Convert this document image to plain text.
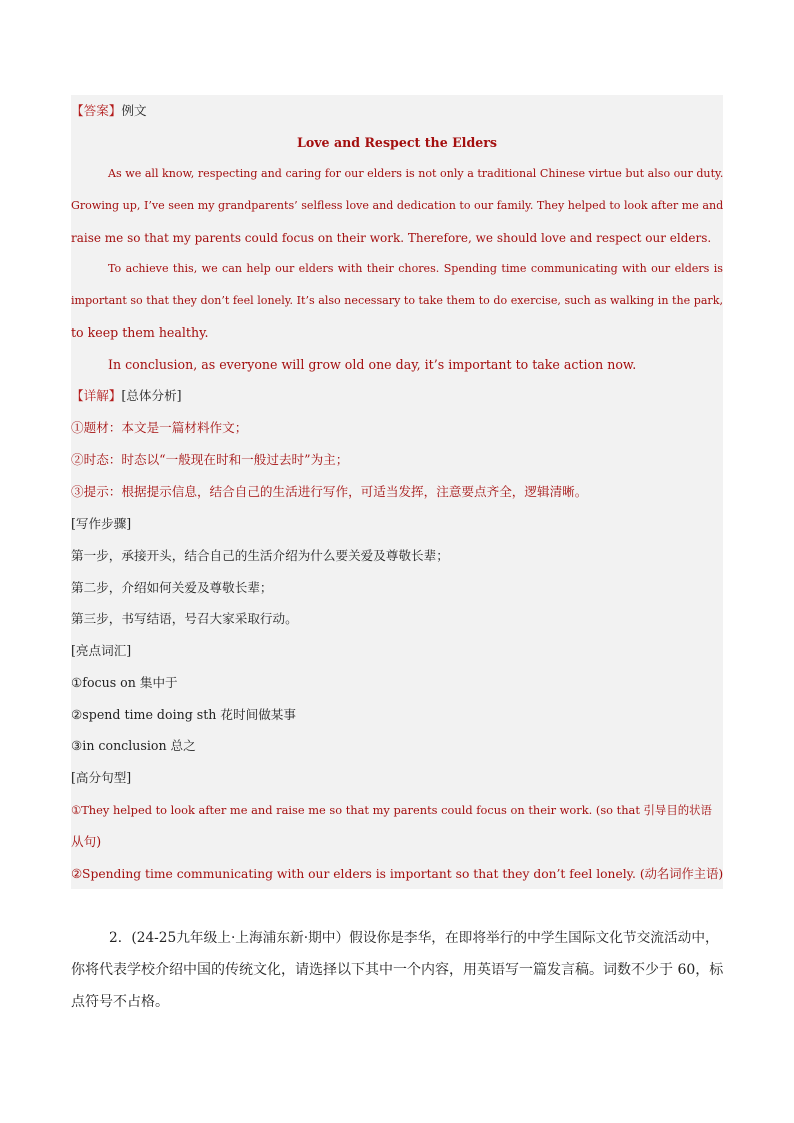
【答案】例文
Love and Respect the Elders
As we all know, respecting and caring for our elders is not only a traditional Chinese virtue but also our duty.
Growing up, I’ve seen my grandparents’ selfless love and dedication to our family. They helped to look after me and
raise me so that my parents could focus on their work. Therefore, we should love and respect our elders.
To achieve this, we can help our elders with their chores. Spending time communicating with our elders is
important so that they don’t feel lonely. It’s also necessary to take them to do exercise, such as walking in the park,
to keep them healthy.
In conclusion, as everyone will grow old one day, it’s important to take action now.
【详解】[总体分析]
①题材：本文是一篇材料作文；
②时态：时态以“一般现在时和一般过去时”为主；
③提示：根据提示信息，结合自己的生活进行写作，可适当发挥，注意要点齐全，逻辑清晰。
[写作步骤]
第一步，承接开头，结合自己的生活介绍为什么要关爱及尊敬长辈；
第二步，介绍如何关爱及尊敬长辈；
第三步，书写结语，号召大家采取行动。
[亮点词汇]
①focus on 集中于
②spend time doing sth 花时间做某事
③in conclusion 总之
[高分句型]
①They helped to look after me and raise me so that my parents could focus on their work. (so that 引导目的状语
从句)
②Spending time communicating with our elders is important so that they don’t feel lonely. (动名词作主语)
2．(24-25九年级上·上海浦东新·期中）假设你是李华，在即将举行的中学生国际文化节交流活动中，
你将代表学校介绍中国的传统文化，请选择以下其中一个内容，用英语写一篇发言稿。词数不少于 60，标
点符号不占格。
